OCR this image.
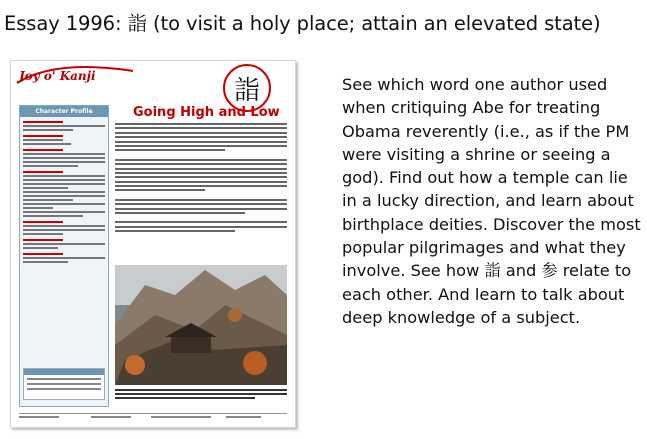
Essay 1996: 詣 (to visit a holy place; attain an elevated state)
Joy o' Kanji	詣
Going High and Low
Character Profile
See which word one author used when critiquing Abe for treating Obama reverently (i.e., as if the PM were visiting a shrine or seeing a god). Find out how a temple can lie in a lucky direction, and learn about birthplace deities. Discover the most popular pilgrimages and what they involve. See how 詣 and 参 relate to each other. And learn to talk about deep knowledge of a subject.
